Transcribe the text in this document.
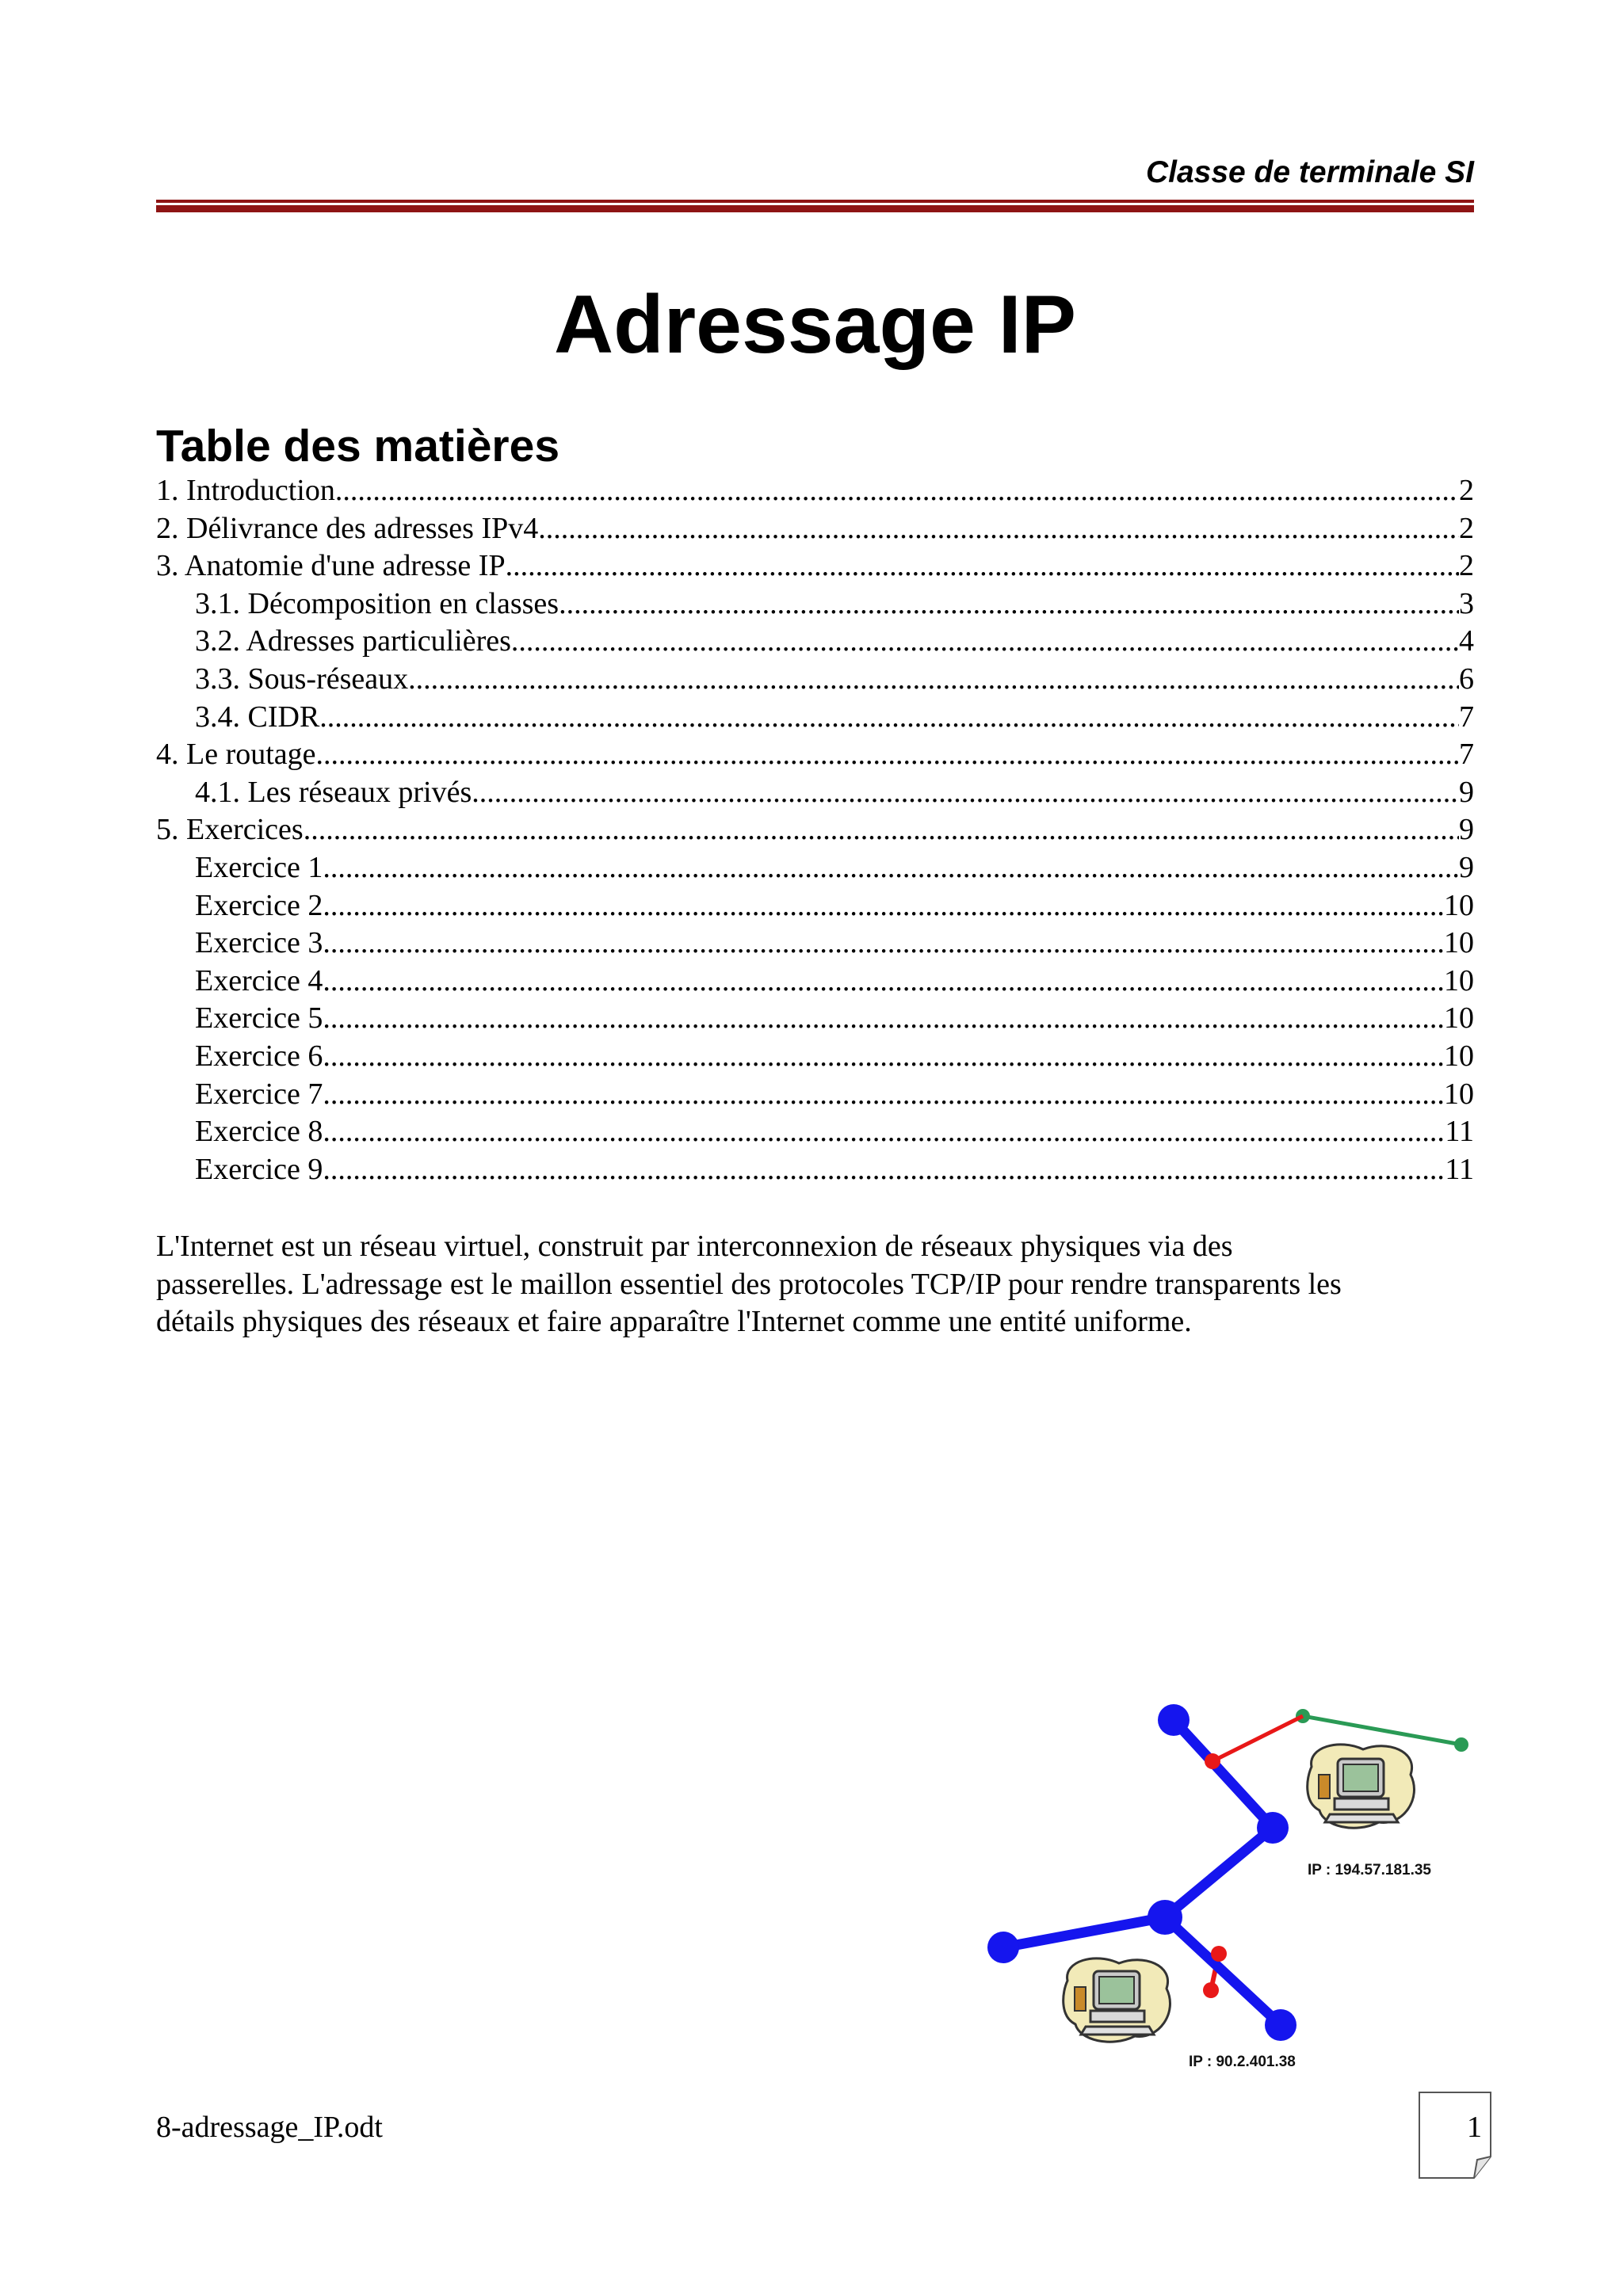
Classe de terminale SI
Adressage IP
Table des matières
1. Introduction .....	2
2. Délivrance des adresses IPv4 .....	2
3. Anatomie d'une adresse IP .....	2
3.1. Décomposition en classes .....	3
3.2. Adresses particulières .....	4
3.3. Sous-réseaux .....	6
3.4. CIDR .....	7
4. Le routage .....	7
4.1. Les réseaux privés .....	9
5. Exercices .....	9
Exercice 1 .....	9
Exercice 2 .....	10
Exercice 3 .....	10
Exercice 4 .....	10
Exercice 5 .....	10
Exercice 6 .....	10
Exercice 7 .....	10
Exercice 8 .....	11
Exercice 9 .....	11
L'Internet est un réseau virtuel, construit par interconnexion de réseaux physiques via des
passerelles. L'adressage est le maillon essentiel des protocoles TCP/IP pour rendre transparents les
détails physiques des réseaux et faire apparaître l'Internet comme une entité uniforme.
IP : 194.57.181.35
IP : 90.2.401.38
8-adressage_IP.odt	1
